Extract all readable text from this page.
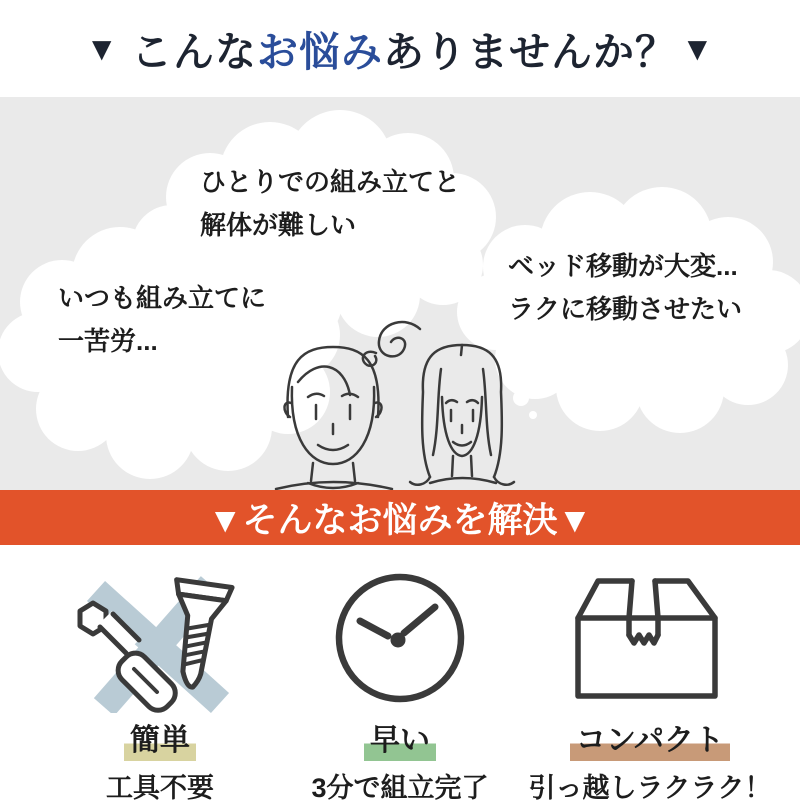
▼ こんな お悩み ありませんか？ ▼
ひとりでの組み立てと
解体が難しい
いつも組み立てに
一苦労...
ベッド移動が大変...
ラクに移動させたい
▼そんなお悩みを解決▼
簡単
工具不要
早い
3分で組立完了
コンパクト
引っ越しラクラク！
